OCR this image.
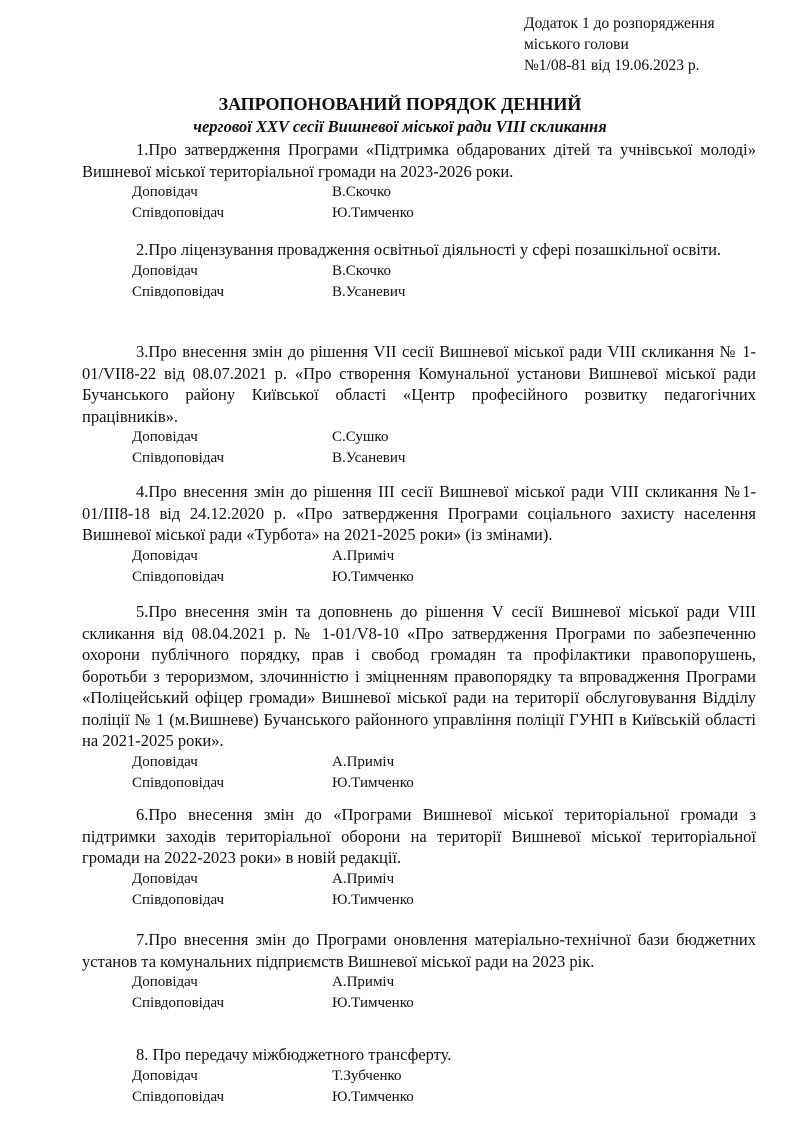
Додаток 1 до розпорядження
міського голови
№1/08-81 від 19.06.2023 р.
ЗАПРОПОНОВАНИЙ ПОРЯДОК ДЕННИЙ
чергової XXV сесії Вишневої міської ради VIII скликання

1.Про затвердження Програми «Підтримка обдарованих дітей та учнівської молоді» Вишневої міської територіальної громади на 2023-2026 роки.

Доповідач	В.Скочко
Співдоповідач	Ю.Тимченко

2.Про ліцензування провадження освітньої діяльності у сфері позашкільної освіти.

Доповідач	В.Скочко
Співдоповідач	В.Усаневич

3.Про внесення змін до рішення VII сесії Вишневої міської ради VIII скликання № 1-01/VII8-22 від 08.07.2021 р. «Про створення Комунальної установи Вишневої міської ради Бучанського району Київської області «Центр професійного розвитку педагогічних працівників».

Доповідач	С.Сушко
Співдоповідач	В.Усаневич

4.Про внесення змін до рішення III сесії Вишневої міської ради VIII скликання №1-01/III8-18 від 24.12.2020 р. «Про затвердження Програми соціального захисту населення Вишневої міської ради «Турбота» на 2021-2025 роки» (із змінами).

Доповідач	А.Приміч
Співдоповідач	Ю.Тимченко

5.Про внесення змін та доповнень до рішення V сесії Вишневої міської ради VIII скликання від 08.04.2021 р. № 1-01/V8-10 «Про затвердження Програми по забезпеченню охорони публічного порядку, прав і свобод громадян та профілактики правопорушень, боротьби з тероризмом, злочинністю і зміцненням правопорядку та впровадження Програми «Поліцейський офіцер громади» Вишневої міської ради на території обслуговування Відділу поліції № 1 (м.Вишневе) Бучанського районного управління поліції ГУНП в Київській області на 2021-2025 роки».

Доповідач	А.Приміч
Співдоповідач	Ю.Тимченко

6.Про внесення змін до «Програми Вишневої міської територіальної громади з підтримки заходів територіальної оборони на території Вишневої міської територіальної громади на 2022-2023 роки» в новій редакції.

Доповідач	А.Приміч
Співдоповідач	Ю.Тимченко

7.Про внесення змін до Програми оновлення матеріально-технічної бази бюджетних установ та комунальних підприємств Вишневої міської ради на 2023 рік.

Доповідач	А.Приміч
Співдоповідач	Ю.Тимченко

8. Про передачу міжбюджетного трансферту.

Доповідач	Т.Зубченко
Співдоповідач	Ю.Тимченко
